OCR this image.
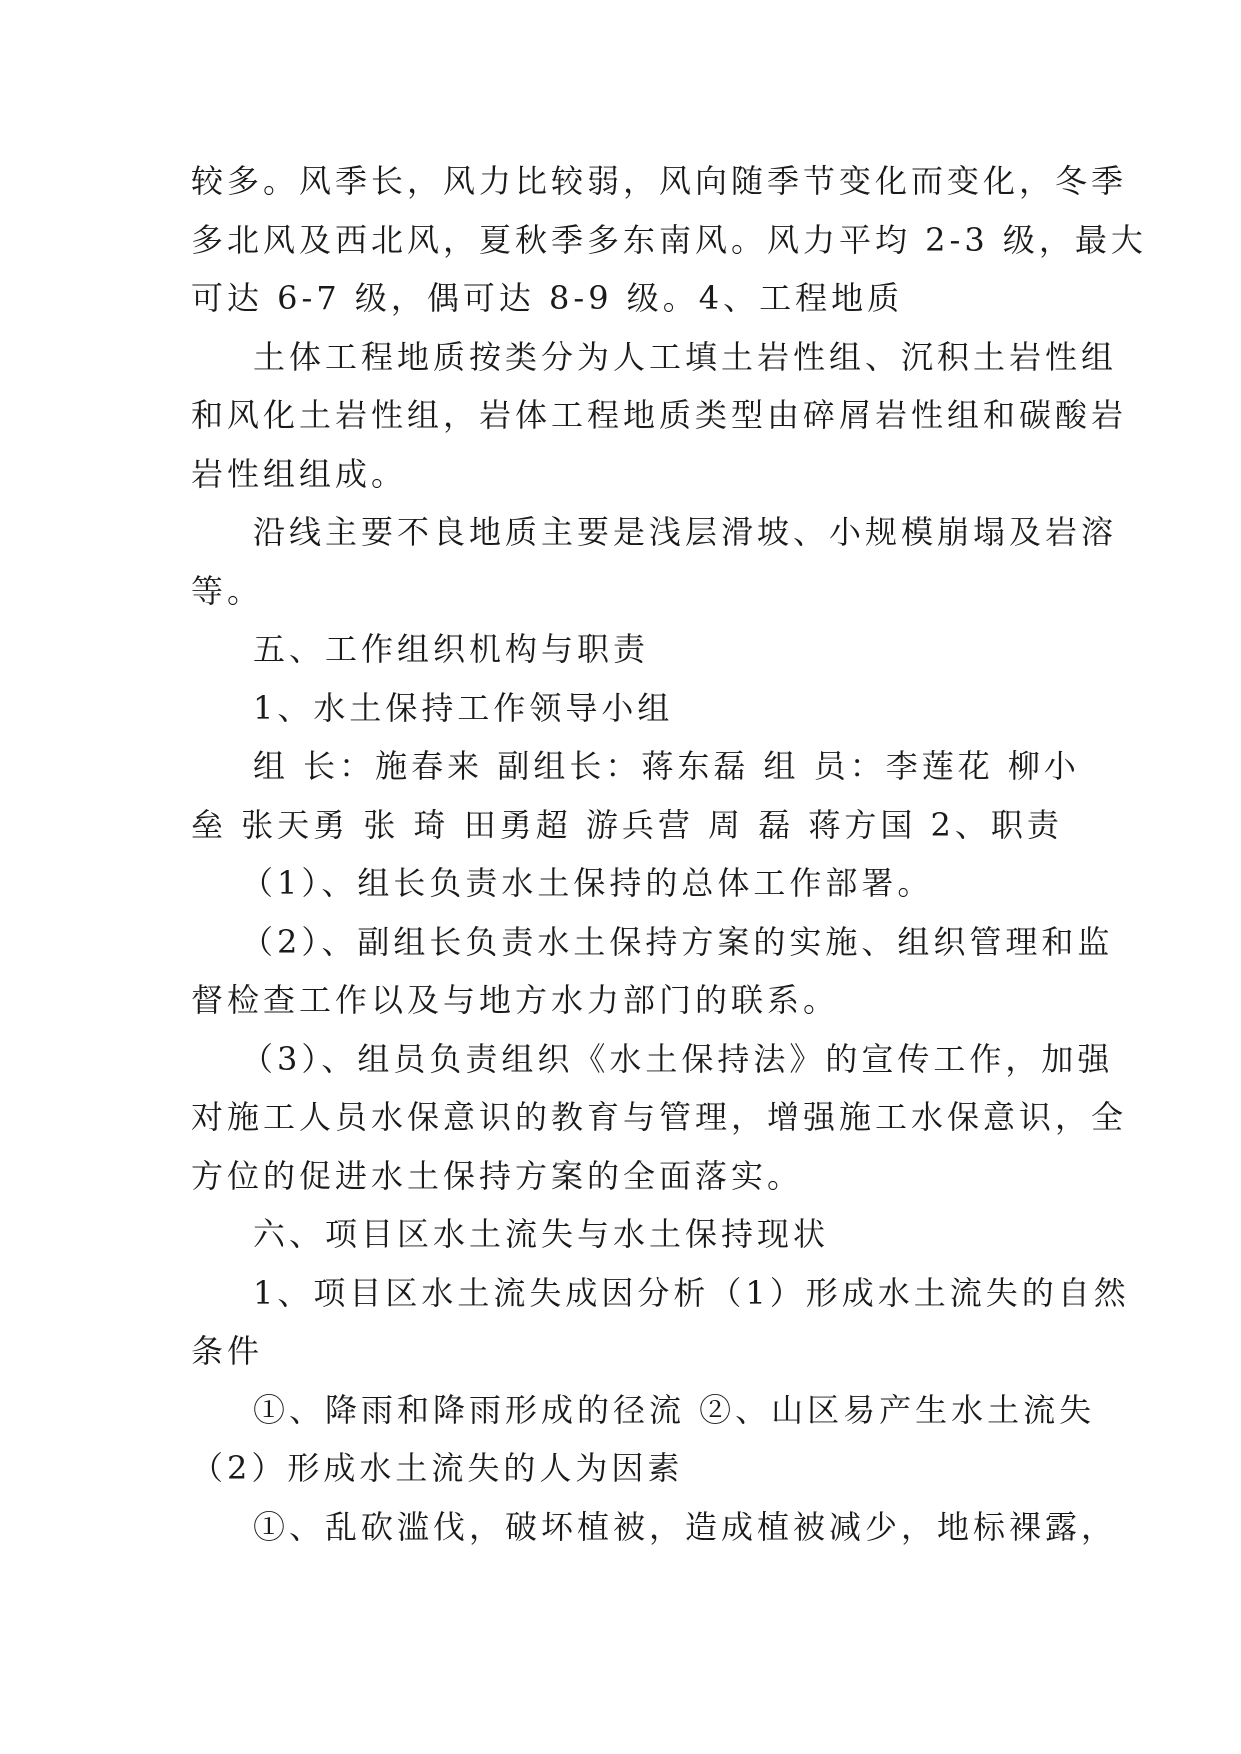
较多。风季长，风力比较弱，风向随季节变化而变化，冬季
多北风及西北风，夏秋季多东南风。风力平均 2-3 级，最大
可达 6-7 级，偶可达 8-9 级。4、工程地质
土体工程地质按类分为人工填土岩性组、沉积土岩性组
和风化土岩性组，岩体工程地质类型由碎屑岩性组和碳酸岩
岩性组组成。
沿线主要不良地质主要是浅层滑坡、小规模崩塌及岩溶
等。
五、工作组织机构与职责
1、水土保持工作领导小组
组 长：施春来 副组长：蒋东磊 组 员：李莲花 柳小
垒 张天勇 张 琦 田勇超 游兵营 周 磊 蒋方国 2、职责
（1）、组长负责水土保持的总体工作部署。
（2）、副组长负责水土保持方案的实施、组织管理和监
督检查工作以及与地方水力部门的联系。
（3）、组员负责组织《水土保持法》的宣传工作，加强
对施工人员水保意识的教育与管理，增强施工水保意识，全
方位的促进水土保持方案的全面落实。
六、项目区水土流失与水土保持现状
1、项目区水土流失成因分析（1）形成水土流失的自然
条件
①、降雨和降雨形成的径流 ②、山区易产生水土流失
（2）形成水土流失的人为因素
①、乱砍滥伐，破坏植被，造成植被减少，地标裸露，
